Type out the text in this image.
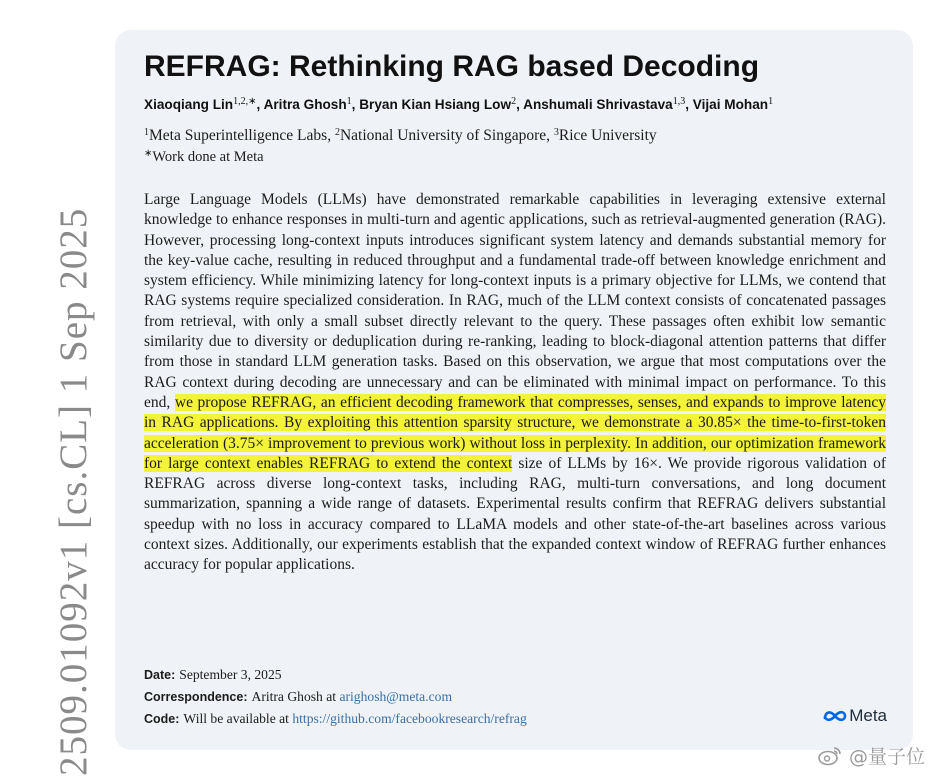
2509.01092v1 [cs.CL] 1 Sep 2025
REFRAG: Rethinking RAG based Decoding
Xiaoqiang Lin$^{1,2,∗}$, Aritra Ghosh$^1$, Bryan Kian Hsiang Low$^2$, Anshumali Shrivastava$^{1,3}$, Vijai Mohan$^1$
$^1$Meta Superintelligence Labs, $^2$National University of Singapore, $^3$Rice University
∗Work done at Meta
Large Language Models (LLMs) have demonstrated remarkable capabilities in leveraging extensive external knowledge to enhance responses in multi-turn and agentic applications, such as retrieval-augmented generation (RAG). However, processing long-context inputs introduces significant system latency and demands substantial memory for the key-value cache, resulting in reduced throughput and a fundamental trade-off between knowledge enrichment and system efficiency. While minimizing latency for long-context inputs is a primary objective for LLMs, we contend that RAG systems require specialized consideration. In RAG, much of the LLM context consists of concatenated passages from retrieval, with only a small subset directly relevant to the query. These passages often exhibit low semantic similarity due to diversity or deduplication during re-ranking, leading to block-diagonal attention patterns that differ from those in standard LLM generation tasks. Based on this observation, we argue that most computations over the RAG context during decoding are unnecessary and can be eliminated with minimal impact on performance. To this end, we propose REFRAG, an efficient decoding framework that compresses, senses, and expands to improve latency in RAG applications. By exploiting this attention sparsity structure, we demonstrate a 30.85× the time-to-first-token acceleration (3.75× improvement to previous work) without loss in perplexity. In addition, our optimization framework for large context enables REFRAG to extend the context size of LLMs by 16×. We provide rigorous validation of REFRAG across diverse long-context tasks, including RAG, multi-turn conversations, and long document summarization, spanning a wide range of datasets. Experimental results confirm that REFRAG delivers substantial speedup with no loss in accuracy compared to LLaMA models and other state-of-the-art baselines across various context sizes. Additionally, our experiments establish that the expanded context window of REFRAG further enhances accuracy for popular applications.
Date: September 3, 2025
Correspondence: Aritra Ghosh at arighosh@meta.com
Code: Will be available at https://github.com/facebookresearch/refrag	Meta
@量子位
